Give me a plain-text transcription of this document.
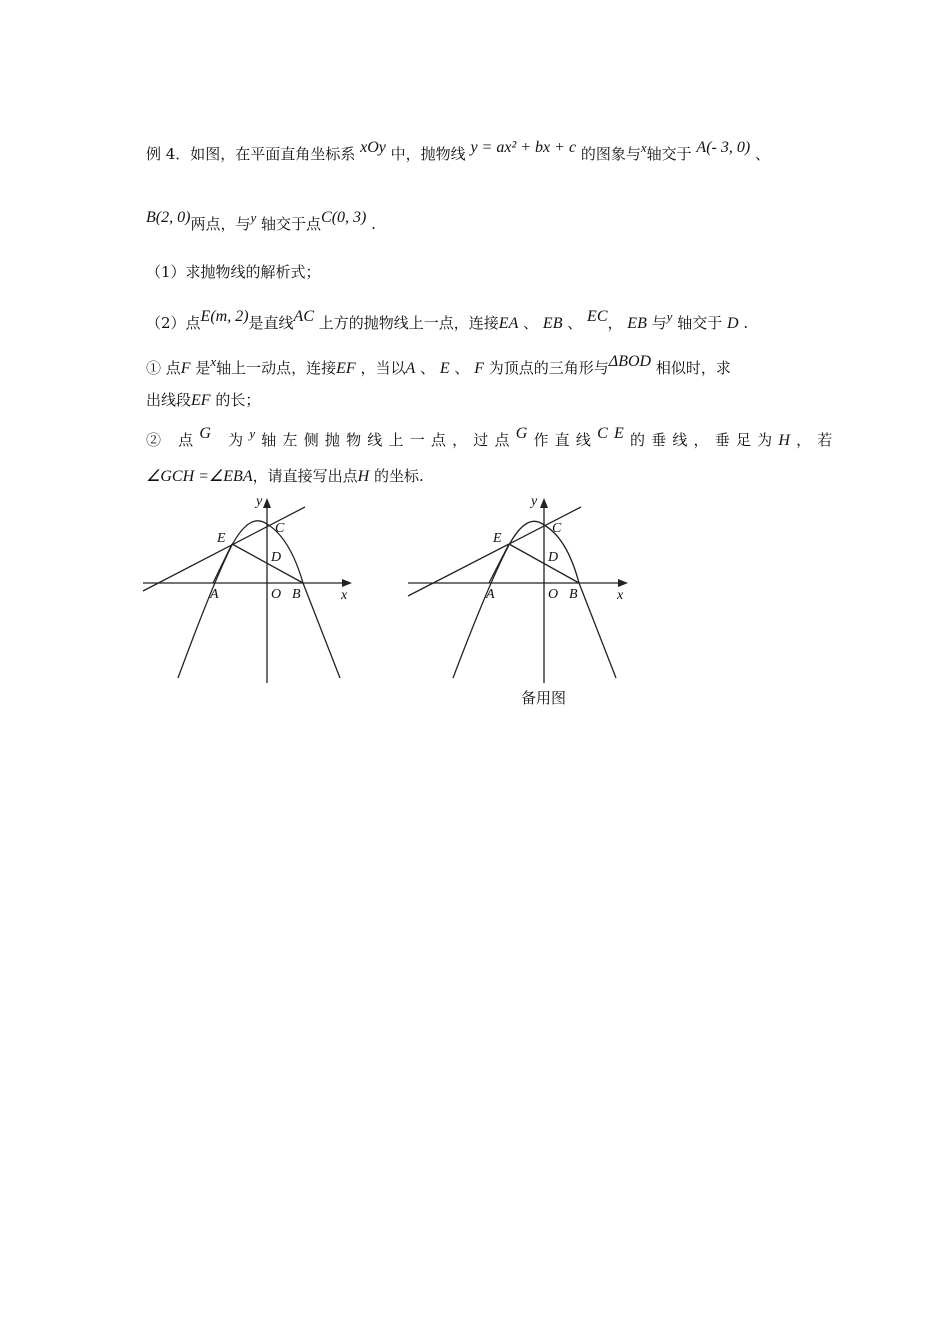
例 4．如图，在平面直角坐标系 xOy 中，抛物线 y = ax² + bx + c 的图象与x轴交于 A(- 3, 0) 、
B(2, 0)两点，与y 轴交于点C(0, 3) .
（1）求抛物线的解析式；
（2）点E(m, 2)是直线AC 上方的抛物线上一点，连接EA 、 EB 、 EC， EB 与y 轴交于 D .
① 点F 是x轴上一动点，连接EF ，当以A 、 E 、 F 为顶点的三角形与ΔBOD 相似时，求
出线段EF 的长；
② 点G 为y轴左侧抛物线上一点，过点G作直线CE的垂线，垂足为H，若
∠GCH =∠EBA，请直接写出点H 的坐标.
y
x
E
C
D
A	O B
y
x
E
C
D
A	O B
备用图
